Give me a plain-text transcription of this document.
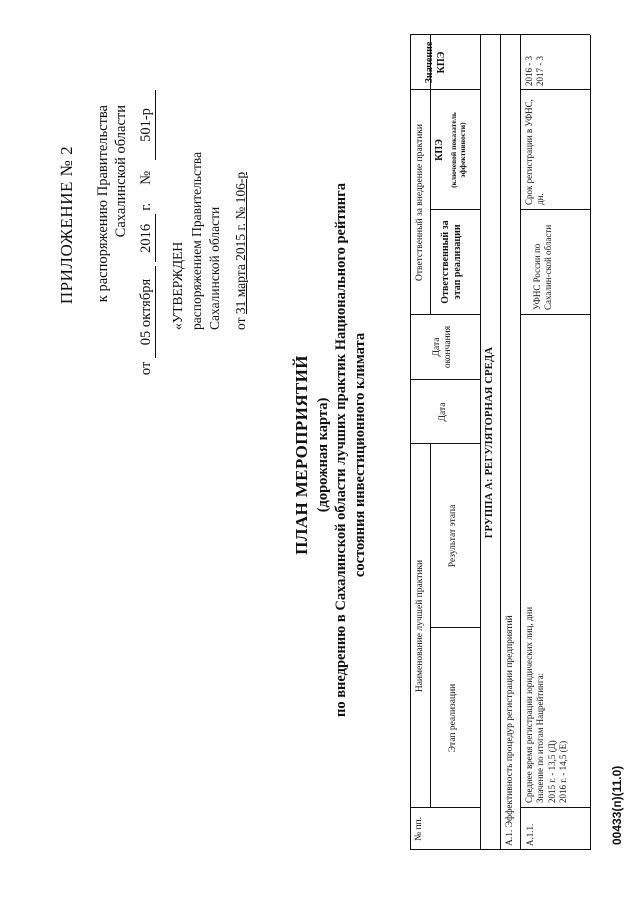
ПРИЛОЖЕНИЕ № 2 к распоряжению Правительства Сахалинской области
от 05 октября 2016 г.     №   501-р
«УТВЕРЖДЕН распоряжением Правительства Сахалинской области от 31 марта 2015 г. № 106-р
ПЛАН МЕРОПРИЯТИЙ (дорожная карта) по внедрению в Сахалинской области лучших практик Национального рейтинга состояния инвестиционного климата
№ пп.
Наименование лучшей практики
Этап реализации
Результат этапа
Дата
Дата окончания
Ответственный за внедрение практики Ответственный за этап реализации
КПЭ (ключевой показатель эффективности)
Значение КПЭ
ГРУППА А: РЕГУЛЯТОРНАЯ СРЕДА
А.1. Эффективность процедур регистрации предприятий А.1.1.
Среднее время регистрации юридических лиц, дни Значение по итогам Нацрейтинга: 2015 г. - 13,5 (Д) 2016 г. - 14,5 (Е)
УФНС России по Сахалин-ской области
Срок регистрации в УФНС, дн.
2016 - 3 2017 - 3
00433(п)(11.0)
